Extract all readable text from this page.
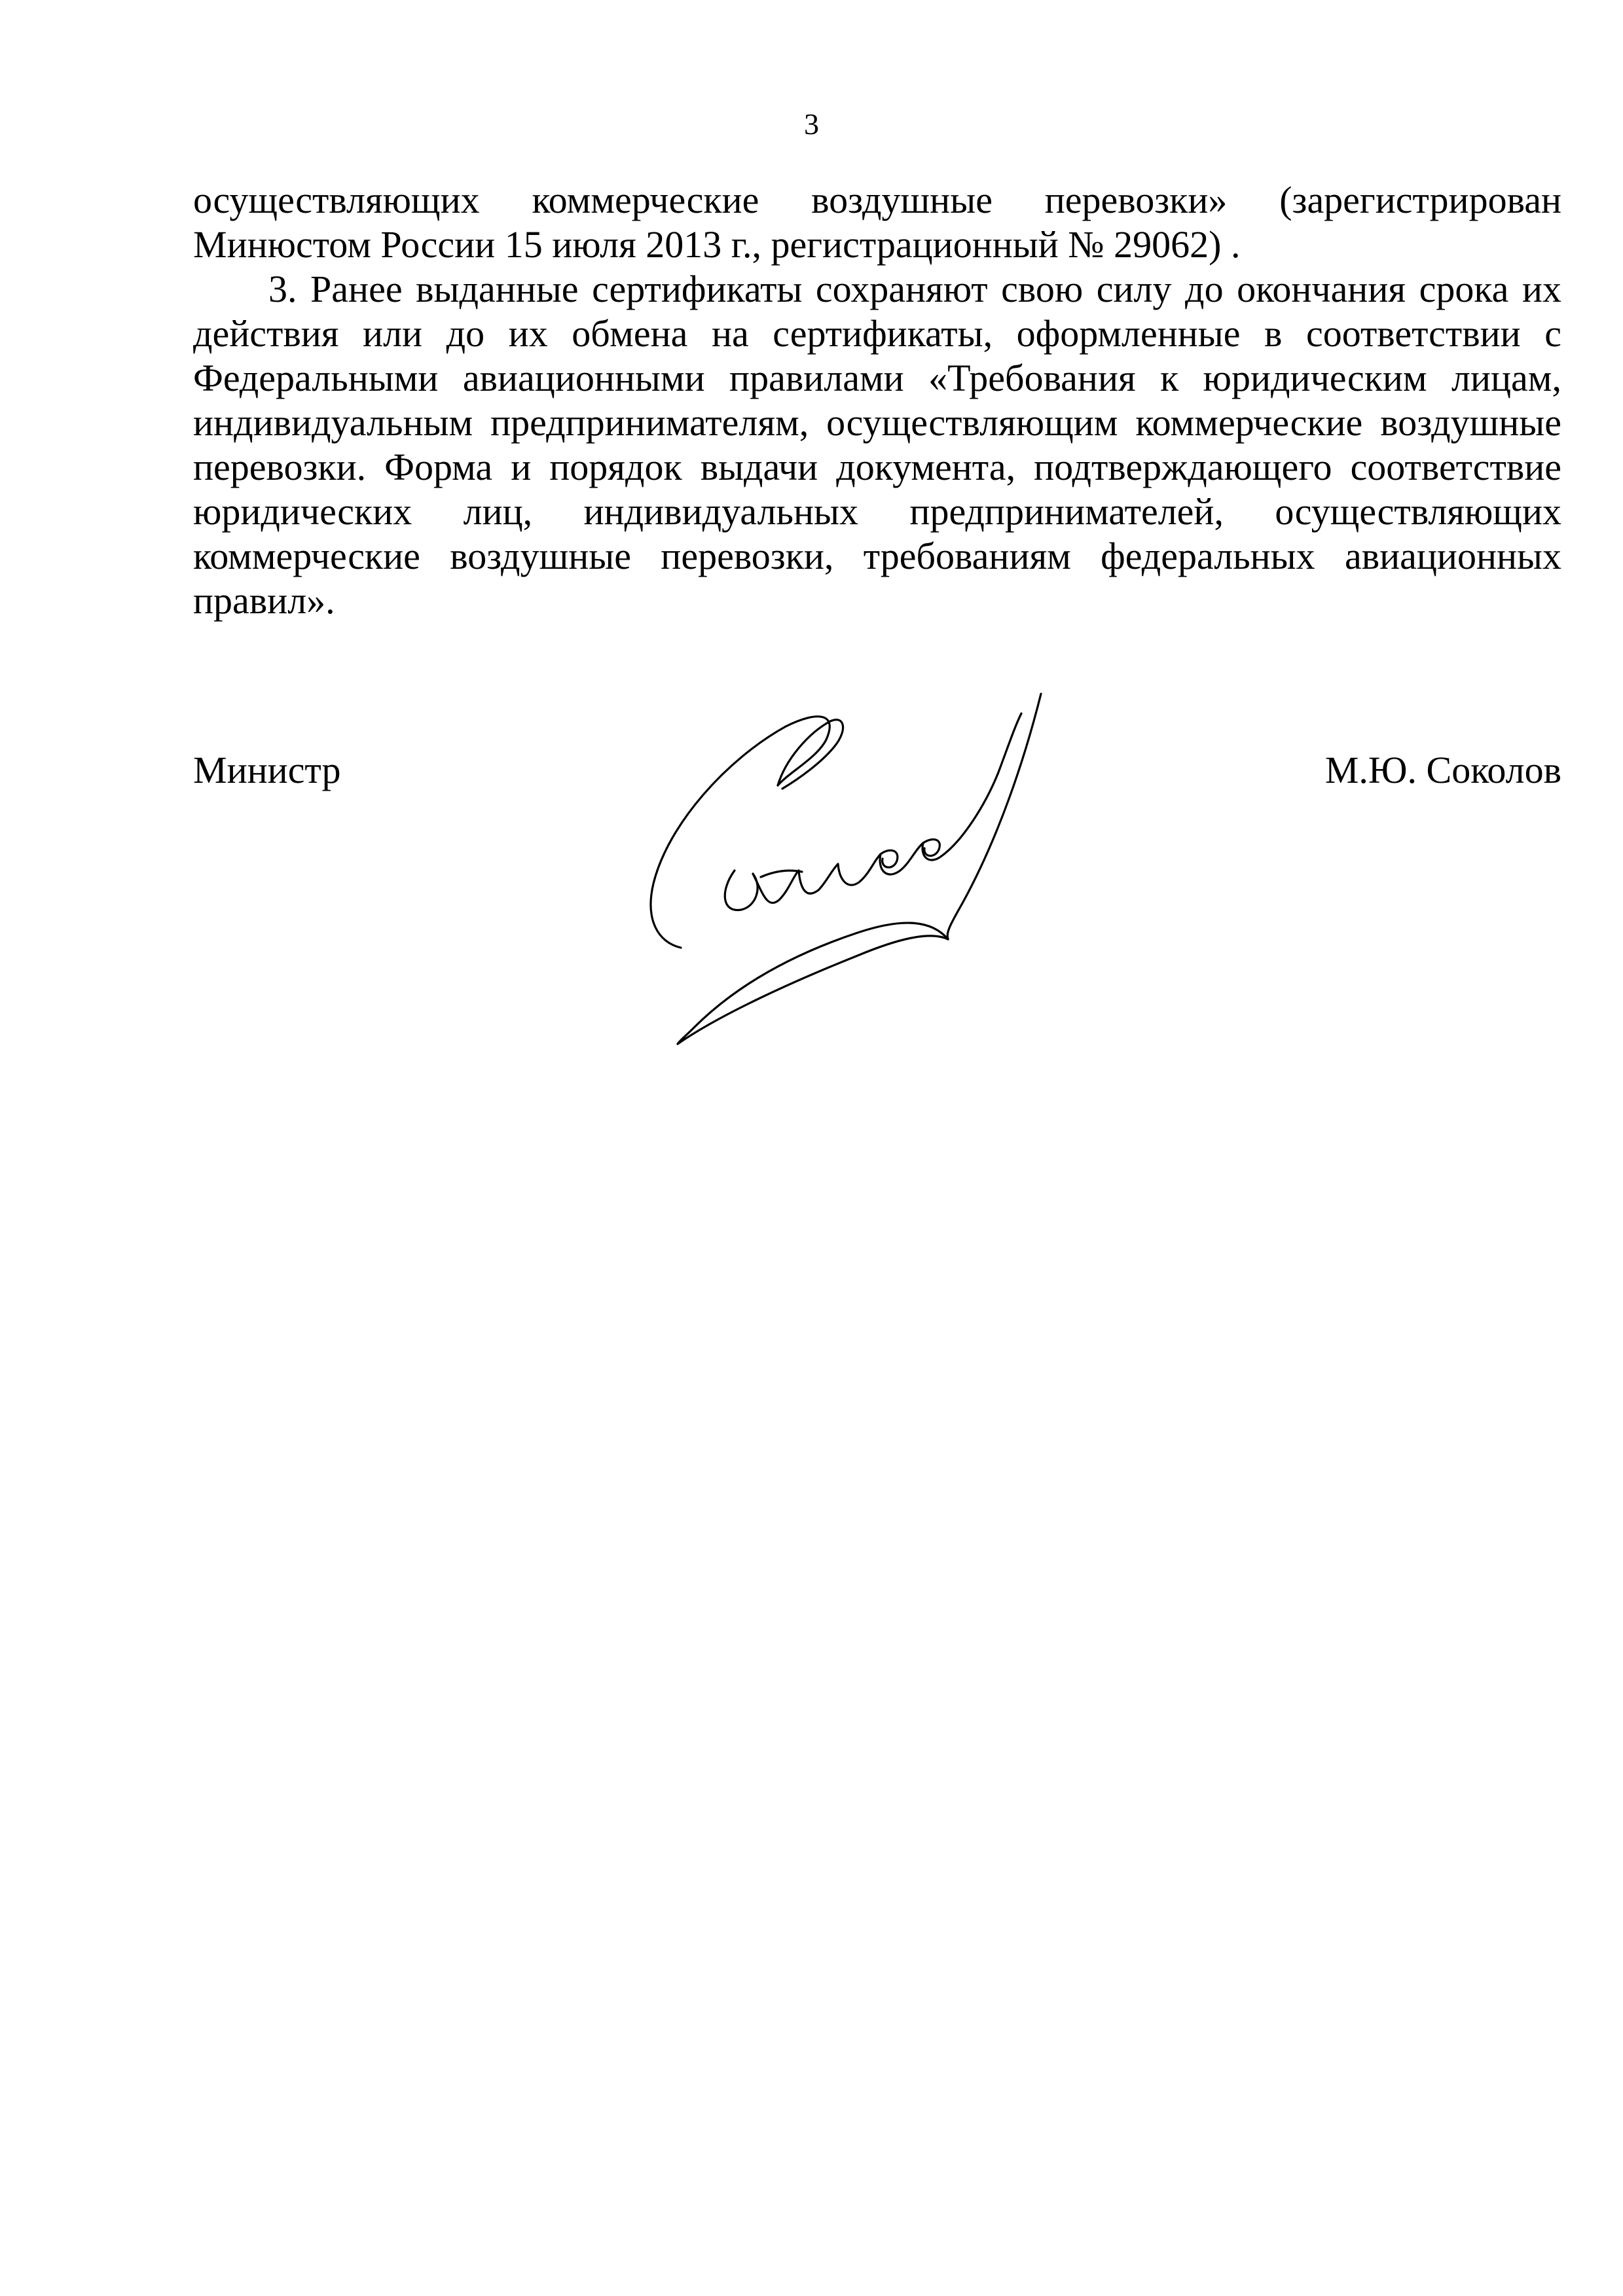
3

осуществляющих коммерческие воздушные перевозки» (зарегистрирован Минюстом России 15 июля 2013 г., регистрационный № 29062) .

3. Ранее выданные сертификаты сохраняют свою силу до окончания срока их действия или до их обмена на сертификаты, оформленные в соответствии с Федеральными авиационными правилами «Требования к юридическим лицам, индивидуальным предпринимателям, осуществляющим коммерческие воздушные перевозки. Форма и порядок выдачи документа, подтверждающего соответствие юридических лиц, индивидуальных предпринимателей, осуществляющих коммерческие воздушные перевозки, требованиям федеральных авиационных правил».

Министр	М.Ю. Соколов
